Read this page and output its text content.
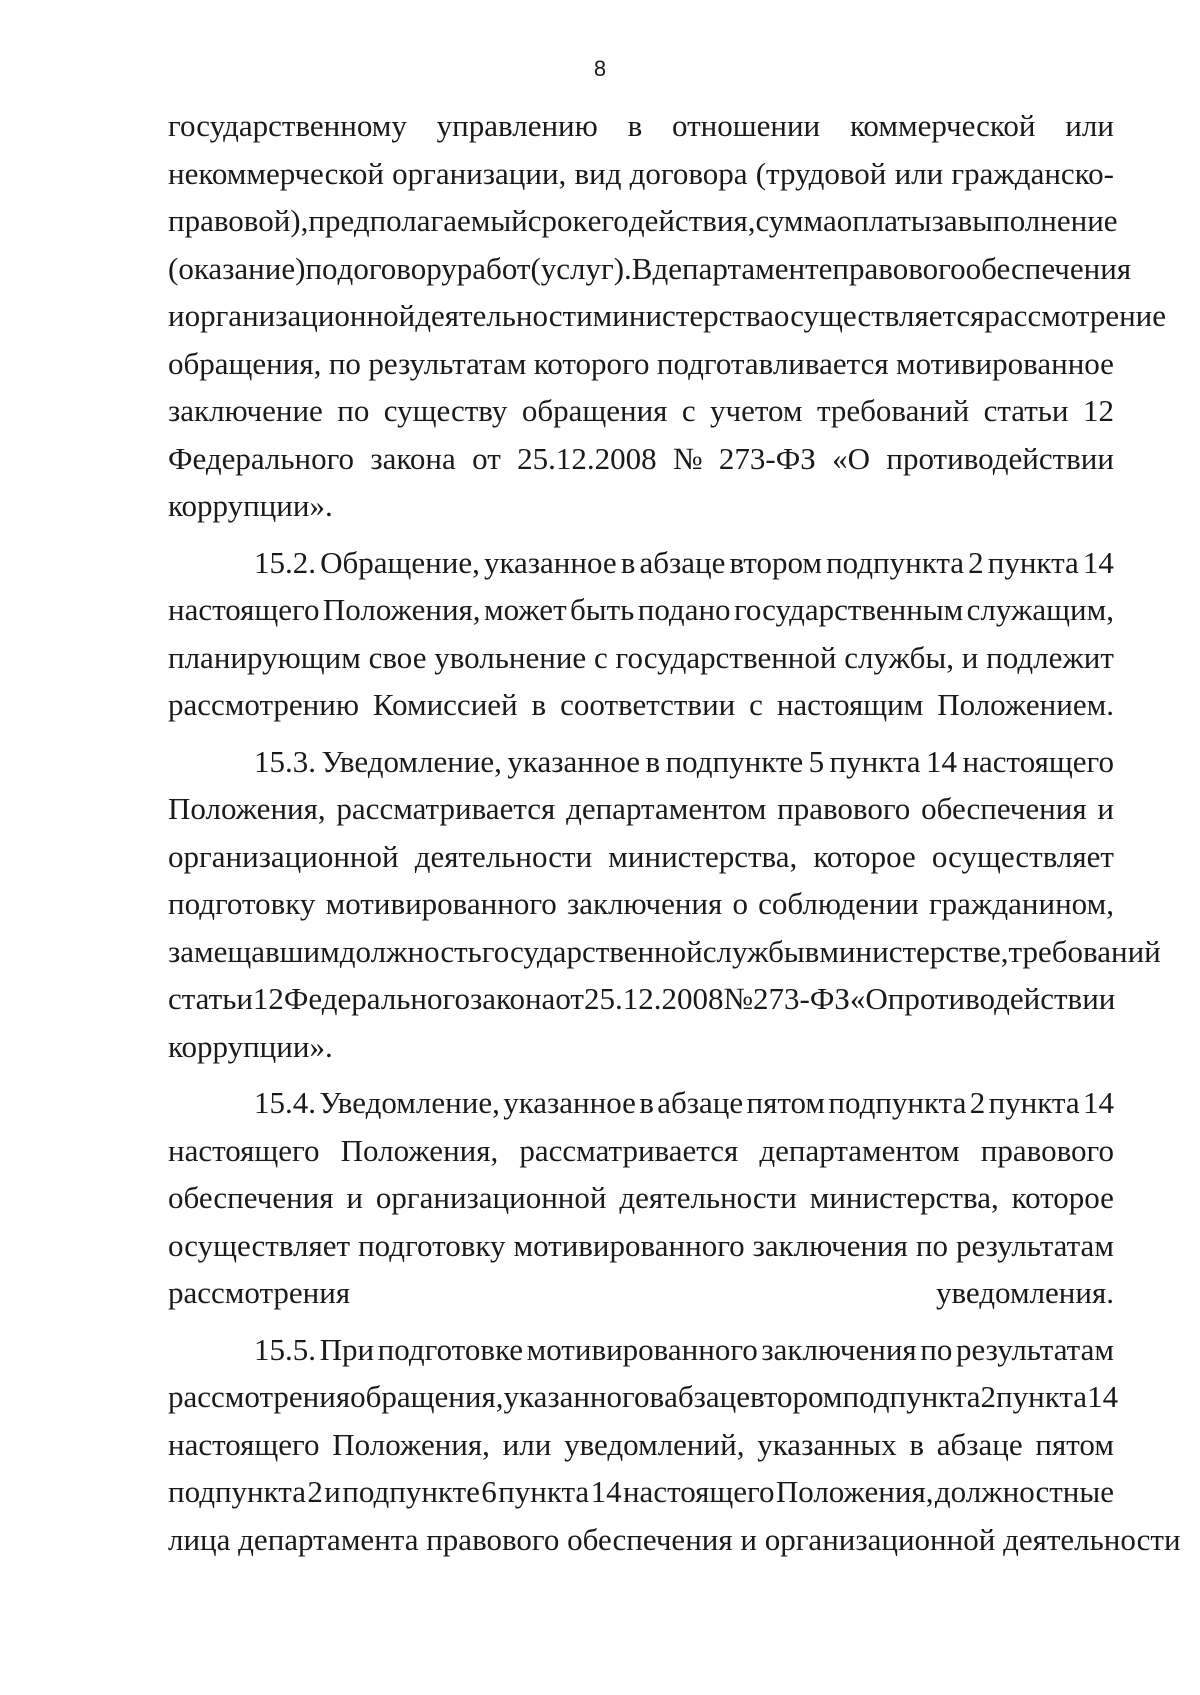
8
государственному управлению в отношении коммерческой или
некоммерческой организации, вид договора (трудовой или гражданско-
правовой), предполагаемый срок его действия, сумма оплаты за выполнение
(оказание) по договору работ (услуг). В департаменте правового обеспечения
и организационной деятельности министерства осуществляется рассмотрение
обращения, по результатам которого подготавливается мотивированное
заключение по существу обращения с учетом требований статьи 12
Федерального закона от 25.12.2008 № 273-ФЗ «О противодействии
коррупции».
15.2. Обращение, указанное в абзаце втором подпункта 2 пункта 14
настоящего Положения, может быть подано государственным служащим,
планирующим свое увольнение с государственной службы, и подлежит
рассмотрению Комиссией в соответствии с настоящим Положением.
15.3. Уведомление, указанное в подпункте 5 пункта 14 настоящего
Положения, рассматривается департаментом правового обеспечения и
организационной деятельности министерства, которое осуществляет
подготовку мотивированного заключения о соблюдении гражданином,
замещавшим должность государственной службы в министерстве, требований
статьи 12 Федерального закона от 25.12. 2008 № 273-ФЗ «О противодействии
коррупции».
15.4. Уведомление, указанное в абзаце пятом подпункта 2 пункта 14
настоящего Положения, рассматривается департаментом правового
обеспечения и организационной деятельности министерства, которое
осуществляет подготовку мотивированного заключения по результатам
рассмотрения уведомления.
15.5. При подготовке мотивированного заключения по результатам
рассмотрения обращения, указанного в абзаце втором подпункта 2 пункта 14
настоящего Положения, или уведомлений, указанных в абзаце пятом
подпункта 2 и подпункте 6 пункта 14 настоящего Положения, должностные
лица департамента правового обеспечения и организационной деятельности
